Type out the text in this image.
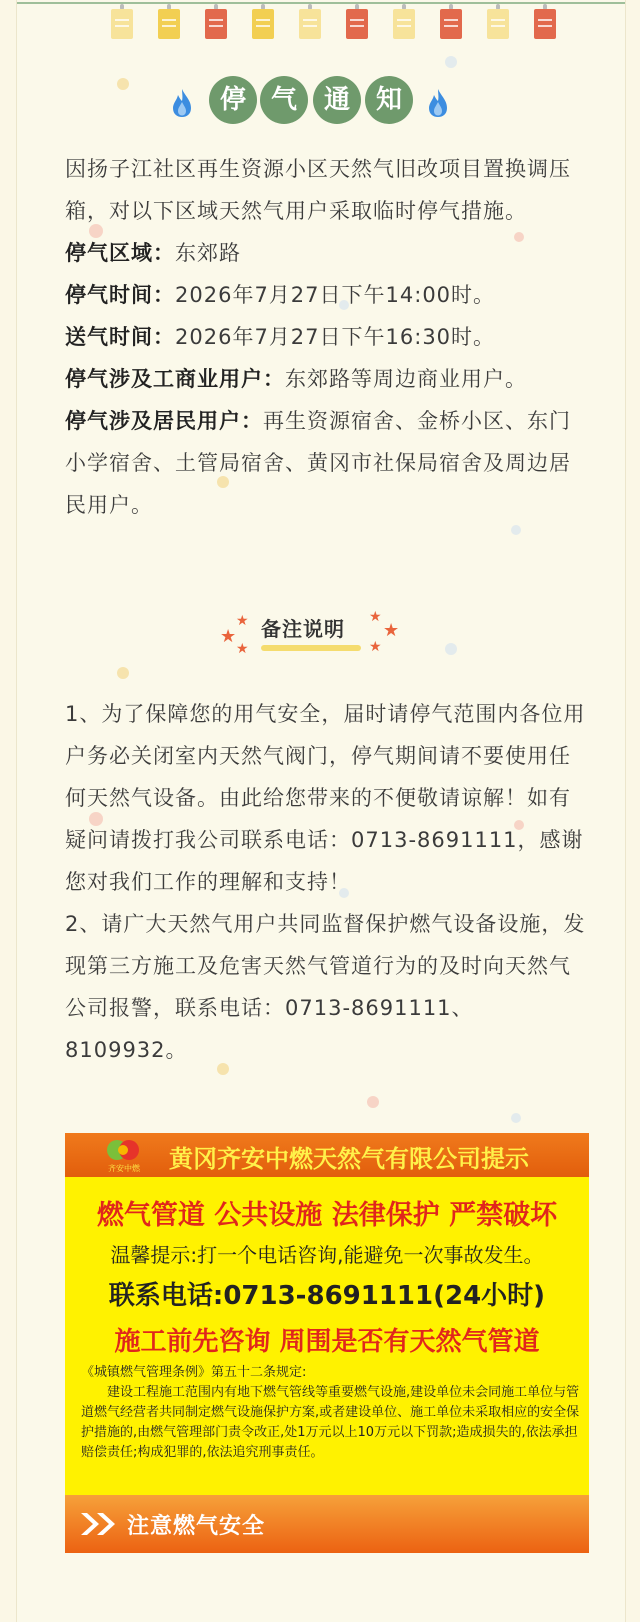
停 气	通 知

因扬子江社区再生资源小区天然气旧改项目置换调压箱，对以下区域天然气用户采取临时停气措施。

停气区域：东郊路

停气时间：2026年7月27日下午14:00时。

送气时间：2026年7月27日下午16:30时。

停气涉及工商业用户：东郊路等周边商业用户。

停气涉及居民用户：再生资源宿舍、金桥小区、东门小学宿舍、土管局宿舍、黄冈市社保局宿舍及周边居民用户。

★
★
★
备注说明 ★
★
★

1、为了保障您的用气安全，届时请停气范围内各位用户务必关闭室内天然气阀门，停气期间请不要使用任何天然气设备。由此给您带来的不便敬请谅解！如有疑问请拨打我公司联系电话：0713-8691111，感谢您对我们工作的理解和支持！

2、请广大天然气用户共同监督保护燃气设备设施，发现第三方施工及危害天然气管道行为的及时向天然气公司报警，联系电话：0713-8691111、8109932。

齐安中燃 黄冈齐安中燃天然气有限公司提示
燃气管道 公共设施 法律保护 严禁破坏
温馨提示:打一个电话咨询,能避免一次事故发生。
联系电话:0713-8691111(24小时)
施工前先咨询 周围是否有天然气管道

《城镇燃气管理条例》第五十二条规定:

建设工程施工范围内有地下燃气管线等重要燃气设施,建设单位未会同施工单位与管道燃气经营者共同制定燃气设施保护方案,或者建设单位、施工单位未采取相应的安全保护措施的,由燃气管理部门责令改正,处1万元以上10万元以下罚款;造成损失的,依法承担赔偿责任;构成犯罪的,依法追究刑事责任。

注意燃气安全
